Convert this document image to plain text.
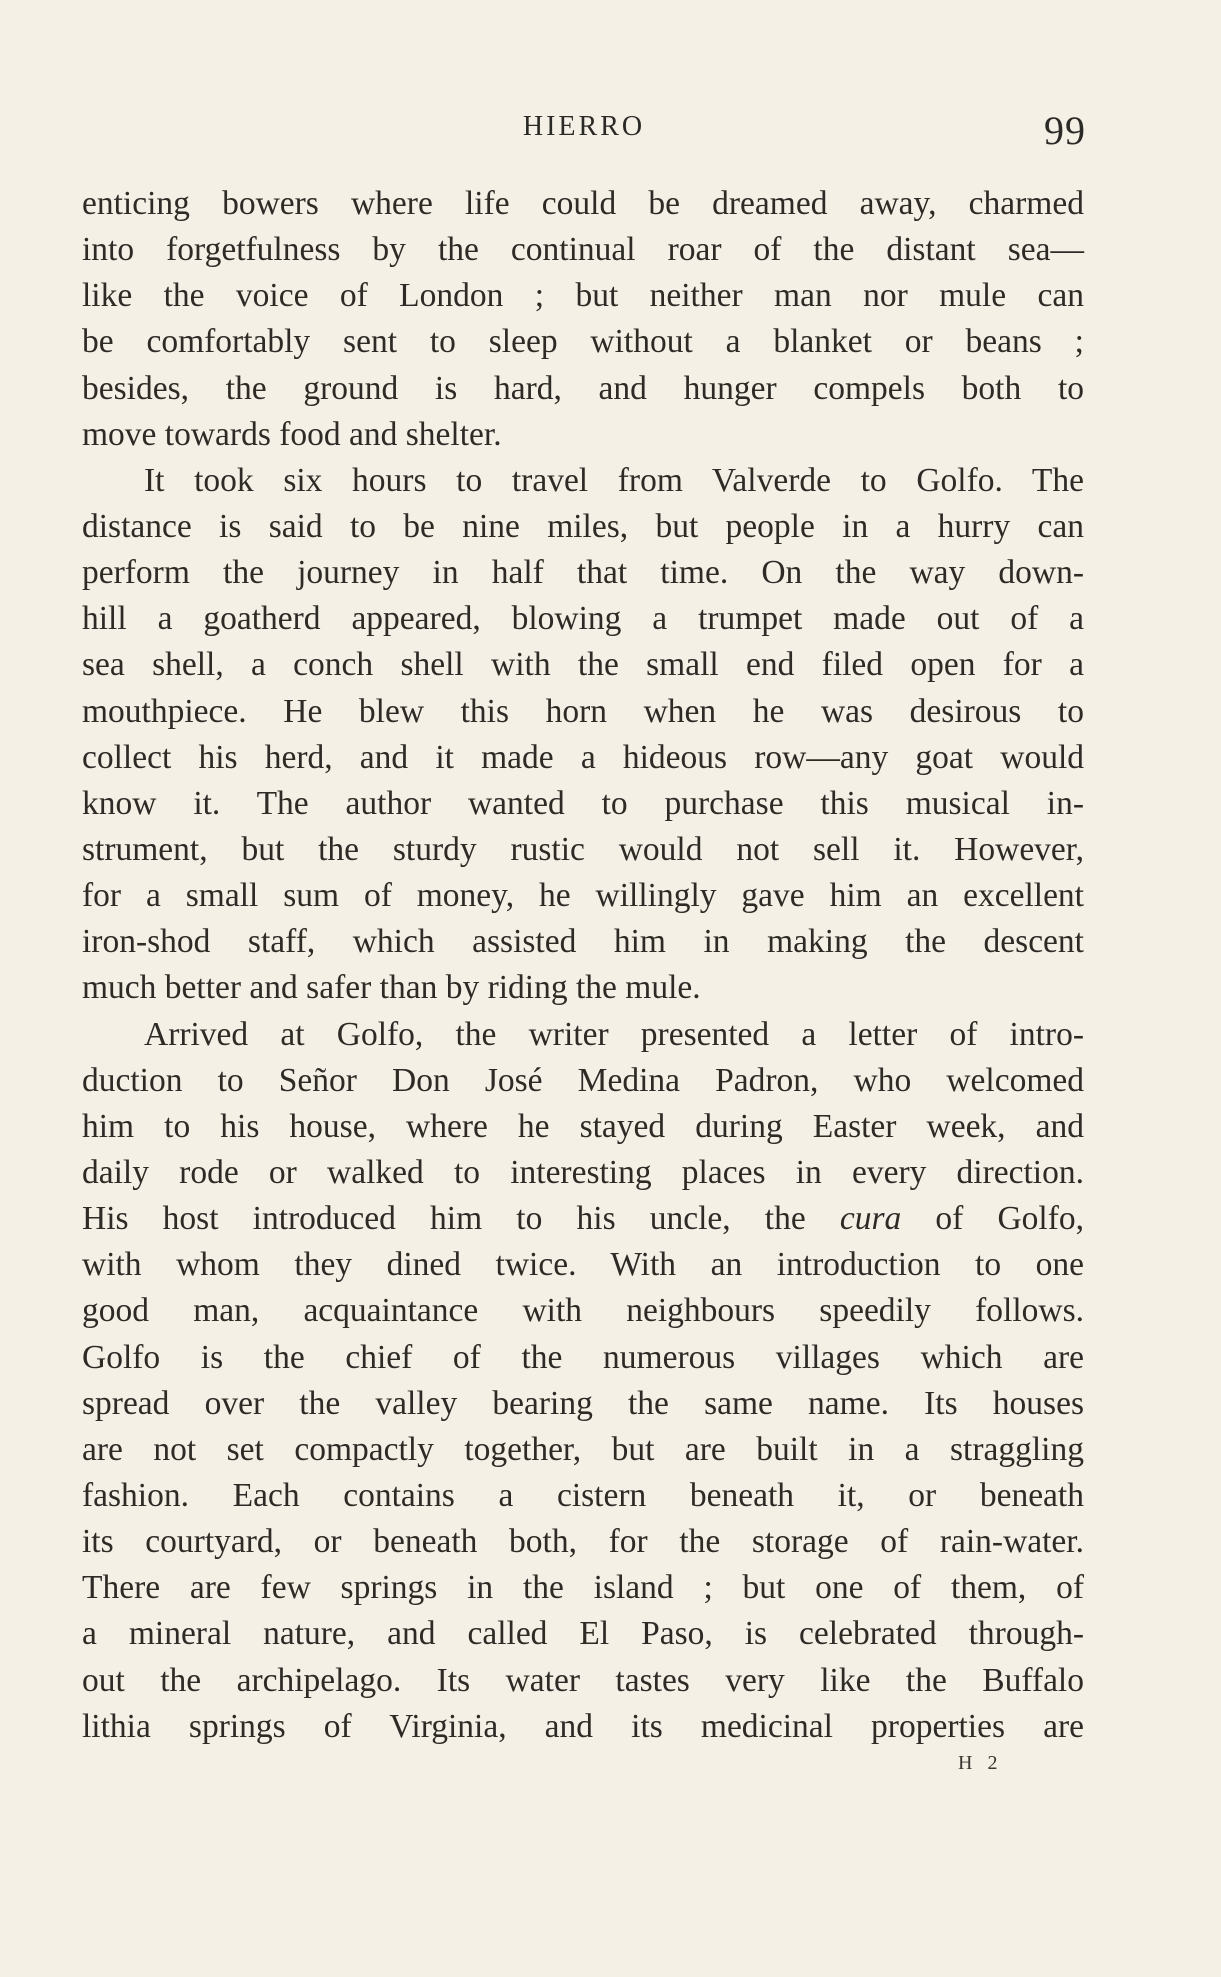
HIERRO	99
enticing bowers where life could be dreamed away, charmed
into forgetfulness by the continual roar of the distant sea—
like the voice of London ; but neither man nor mule can
be comfortably sent to sleep without a blanket or beans ;
besides, the ground is hard, and hunger compels both to
move towards food and shelter.
It took six hours to travel from Valverde to Golfo. The
distance is said to be nine miles, but people in a hurry can
perform the journey in half that time. On the way down-
hill a goatherd appeared, blowing a trumpet made out of a
sea shell, a conch shell with the small end filed open for a
mouthpiece. He blew this horn when he was desirous to
collect his herd, and it made a hideous row—any goat would
know it. The author wanted to purchase this musical in-
strument, but the sturdy rustic would not sell it. However,
for a small sum of money, he willingly gave him an excellent
iron-shod staff, which assisted him in making the descent
much better and safer than by riding the mule.
Arrived at Golfo, the writer presented a letter of intro-
duction to Señor Don José Medina Padron, who welcomed
him to his house, where he stayed during Easter week, and
daily rode or walked to interesting places in every direction.
His host introduced him to his uncle, the cura of Golfo,
with whom they dined twice. With an introduction to one
good man, acquaintance with neighbours speedily follows.
Golfo is the chief of the numerous villages which are
spread over the valley bearing the same name. Its houses
are not set compactly together, but are built in a straggling
fashion. Each contains a cistern beneath it, or beneath
its courtyard, or beneath both, for the storage of rain-water.
There are few springs in the island ; but one of them, of
a mineral nature, and called El Paso, is celebrated through-
out the archipelago. Its water tastes very like the Buffalo
lithia springs of Virginia, and its medicinal properties are
H 2
